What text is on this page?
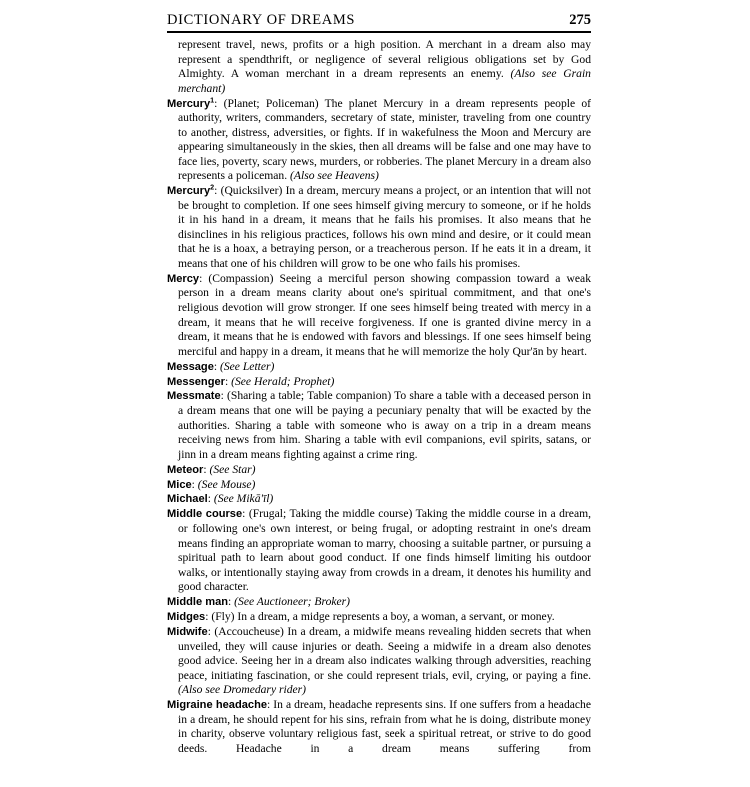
DICTIONARY OF DREAMS	275

represent travel, news, profits or a high position. A merchant in a dream also may represent a spendthrift, or negligence of several religious obligations set by God Almighty. A woman merchant in a dream represents an enemy. (Also see Grain merchant)

Mercury$^1$: (Planet; Policeman) The planet Mercury in a dream represents people of authority, writers, commanders, secretary of state, minister, traveling from one country to another, distress, adversities, or fights. If in wakefulness the Moon and Mercury are appearing simultaneously in the skies, then all dreams will be false and one may have to face lies, poverty, scary news, murders, or robberies. The planet Mercury in a dream also represents a policeman. (Also see Heavens)

Mercury$^2$: (Quicksilver) In a dream, mercury means a project, or an intention that will not be brought to completion. If one sees himself giving mercury to someone, or if he holds it in his hand in a dream, it means that he fails his promises. It also means that he disinclines in his religious practices, follows his own mind and desire, or it could mean that he is a hoax, a betraying person, or a treacherous person. If he eats it in a dream, it means that one of his children will grow to be one who fails his promises.

Mercy: (Compassion) Seeing a merciful person showing compassion toward a weak person in a dream means clarity about one's spiritual commitment, and that one's religious devotion will grow stronger. If one sees himself being treated with mercy in a dream, it means that he will receive forgiveness. If one is granted divine mercy in a dream, it means that he is endowed with favors and blessings. If one sees himself being merciful and happy in a dream, it means that he will memorize the holy Qur'ān by heart.

Message: (See Letter)

Messenger: (See Herald; Prophet)

Messmate: (Sharing a table; Table companion) To share a table with a deceased person in a dream means that one will be paying a pecuniary penalty that will be exacted by the authorities. Sharing a table with someone who is away on a trip in a dream means receiving news from him. Sharing a table with evil companions, evil spirits, satans, or jinn in a dream means fighting against a crime ring.

Meteor: (See Star)

Mice: (See Mouse)

Michael: (See Mikā'īl)

Middle course: (Frugal; Taking the middle course) Taking the middle course in a dream, or following one's own interest, or being frugal, or adopting restraint in one's dream means finding an appropriate woman to marry, choosing a suitable partner, or pursuing a spiritual path to learn about good conduct. If one finds himself limiting his outdoor walks, or intentionally staying away from crowds in a dream, it denotes his humility and good character.

Middle man: (See Auctioneer; Broker)

Midges: (Fly) In a dream, a midge represents a boy, a woman, a servant, or money.

Midwife: (Accoucheuse) In a dream, a midwife means revealing hidden secrets that when unveiled, they will cause injuries or death. Seeing a midwife in a dream also denotes good advice. Seeing her in a dream also indicates walking through adversities, reaching peace, initiating fascination, or she could represent trials, evil, crying, or paying a fine. (Also see Dromedary rider)

Migraine headache: In a dream, headache represents sins. If one suffers from a headache in a dream, he should repent for his sins, refrain from what he is doing, distribute money in charity, observe voluntary religious fast, seek a spiritual retreat, or strive to do good deeds. Headache in a dream means suffering from
